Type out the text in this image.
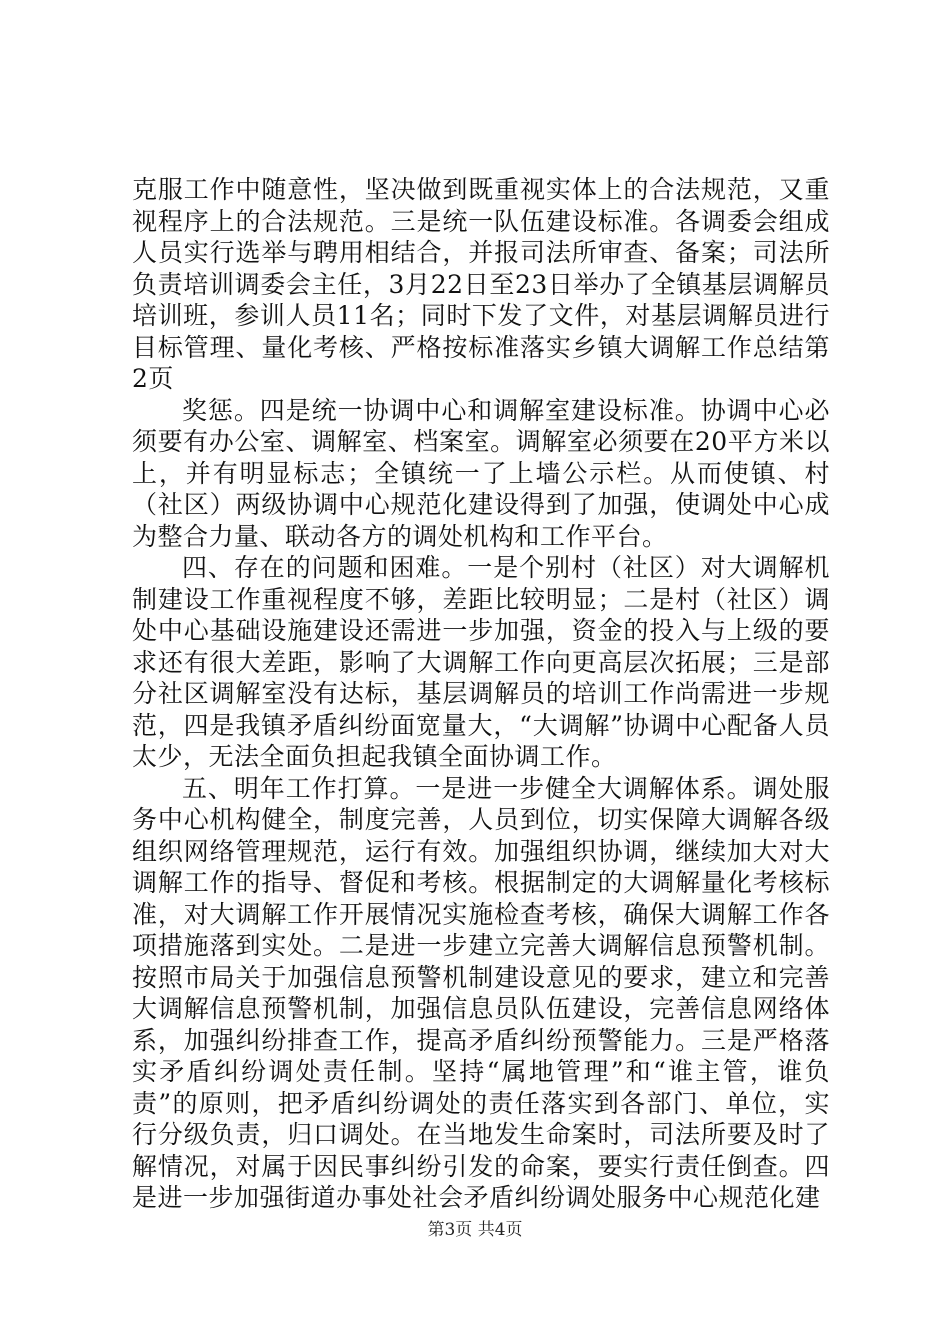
克服工作中随意性，坚决做到既重视实体上的合法规范，又重视程序上的合法规范。三是统一队伍建设标准。各调委会组成人员实行选举与聘用相结合，并报司法所审查、备案；司法所负责培训调委会主任，3月22日至23日举办了全镇基层调解员培训班，参训人员11名；同时下发了文件，对基层调解员进行目标管理、量化考核、严格按标准落实乡镇大调解工作总结第2页

奖惩。四是统一协调中心和调解室建设标准。协调中心必须要有办公室、调解室、档案室。调解室必须要在20平方米以上，并有明显标志；全镇统一了上墙公示栏。从而使镇、村（社区）两级协调中心规范化建设得到了加强，使调处中心成为整合力量、联动各方的调处机构和工作平台。

四、存在的问题和困难。一是个别村（社区）对大调解机制建设工作重视程度不够，差距比较明显；二是村（社区）调处中心基础设施建设还需进一步加强，资金的投入与上级的要求还有很大差距，影响了大调解工作向更高层次拓展；三是部分社区调解室没有达标，基层调解员的培训工作尚需进一步规范，四是我镇矛盾纠纷面宽量大，“大调解”协调中心配备人员太少，无法全面负担起我镇全面协调工作。

五、明年工作打算。一是进一步健全大调解体系。调处服务中心机构健全，制度完善，人员到位，切实保障大调解各级组织网络管理规范，运行有效。加强组织协调，继续加大对大调解工作的指导、督促和考核。根据制定的大调解量化考核标准，对大调解工作开展情况实施检查考核，确保大调解工作各项措施落到实处。二是进一步建立完善大调解信息预警机制。按照市局关于加强信息预警机制建设意见的要求，建立和完善大调解信息预警机制，加强信息员队伍建设，完善信息网络体系，加强纠纷排查工作，提高矛盾纠纷预警能力。三是严格落实矛盾纠纷调处责任制。坚持“属地管理”和“谁主管，谁负责”的原则，把矛盾纠纷调处的责任落实到各部门、单位，实行分级负责，归口调处。在当地发生命案时，司法所要及时了解情况，对属于因民事纠纷引发的命案，要实行责任倒查。四是进一步加强街道办事处社会矛盾纠纷调处服务中心规范化建

第3页 共4页
